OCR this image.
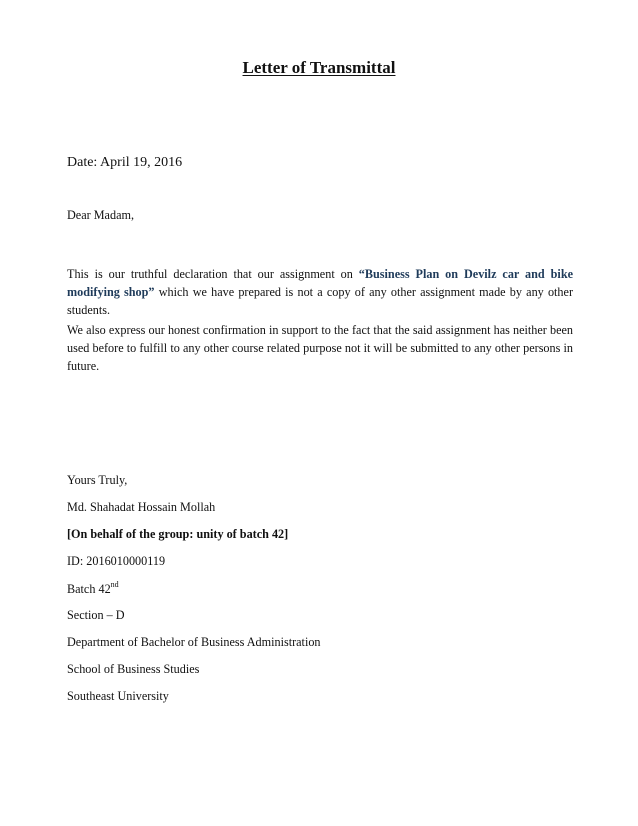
Letter of Transmittal
Date: April 19, 2016
Dear Madam,
This is our truthful declaration that our assignment on “Business Plan on Devilz car and bike modifying shop” which we have prepared is not a copy of any other assignment made by any other students.
We also express our honest confirmation in support to the fact that the said assignment has neither been used before to fulfill to any other course related purpose not it will be submitted to any other persons in future.
Yours Truly,
Md. Shahadat Hossain Mollah
[On behalf of the group: unity of batch 42]
ID: 2016010000119
Batch 42nd
Section – D
Department of Bachelor of Business Administration
School of Business Studies
Southeast University
